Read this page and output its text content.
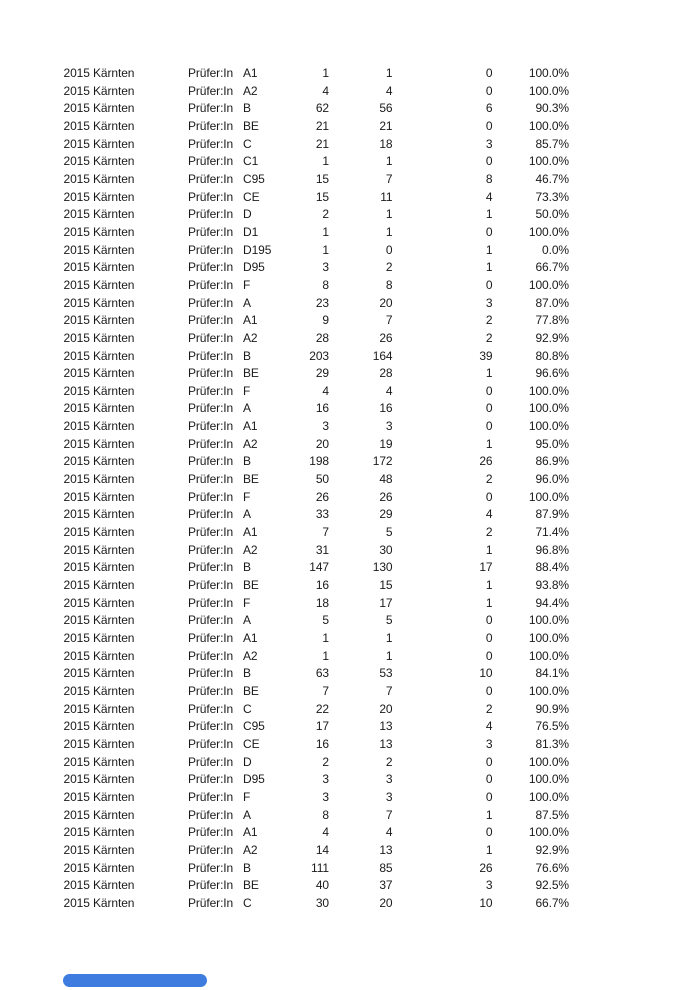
2015 Kärnten	Prüfer:In A1	1	1	0	100.0%
2015 Kärnten	Prüfer:In A2	4	4	0	100.0%
2015 Kärnten	Prüfer:In B	62	56	6	90.3%
2015 Kärnten	Prüfer:In BE	21	21	0	100.0%
2015 Kärnten	Prüfer:In C	21	18	3	85.7%
2015 Kärnten	Prüfer:In C1	1	1	0	100.0%
2015 Kärnten	Prüfer:In C95	15	7	8	46.7%
2015 Kärnten	Prüfer:In CE	15	11	4	73.3%
2015 Kärnten	Prüfer:In D	2	1	1	50.0%
2015 Kärnten	Prüfer:In D1	1	1	0	100.0%
2015 Kärnten	Prüfer:In D195	1	0	1	0.0%
2015 Kärnten	Prüfer:In D95	3	2	1	66.7%
2015 Kärnten	Prüfer:In F	8	8	0	100.0%
2015 Kärnten	Prüfer:In A	23	20	3	87.0%
2015 Kärnten	Prüfer:In A1	9	7	2	77.8%
2015 Kärnten	Prüfer:In A2	28	26	2	92.9%
2015 Kärnten	Prüfer:In B	203	164	39	80.8%
2015 Kärnten	Prüfer:In BE	29	28	1	96.6%
2015 Kärnten	Prüfer:In F	4	4	0	100.0%
2015 Kärnten	Prüfer:In A	16	16	0	100.0%
2015 Kärnten	Prüfer:In A1	3	3	0	100.0%
2015 Kärnten	Prüfer:In A2	20	19	1	95.0%
2015 Kärnten	Prüfer:In B	198	172	26	86.9%
2015 Kärnten	Prüfer:In BE	50	48	2	96.0%
2015 Kärnten	Prüfer:In F	26	26	0	100.0%
2015 Kärnten	Prüfer:In A	33	29	4	87.9%
2015 Kärnten	Prüfer:In A1	7	5	2	71.4%
2015 Kärnten	Prüfer:In A2	31	30	1	96.8%
2015 Kärnten	Prüfer:In B	147	130	17	88.4%
2015 Kärnten	Prüfer:In BE	16	15	1	93.8%
2015 Kärnten	Prüfer:In F	18	17	1	94.4%
2015 Kärnten	Prüfer:In A	5	5	0	100.0%
2015 Kärnten	Prüfer:In A1	1	1	0	100.0%
2015 Kärnten	Prüfer:In A2	1	1	0	100.0%
2015 Kärnten	Prüfer:In B	63	53	10	84.1%
2015 Kärnten	Prüfer:In BE	7	7	0	100.0%
2015 Kärnten	Prüfer:In C	22	20	2	90.9%
2015 Kärnten	Prüfer:In C95	17	13	4	76.5%
2015 Kärnten	Prüfer:In CE	16	13	3	81.3%
2015 Kärnten	Prüfer:In D	2	2	0	100.0%
2015 Kärnten	Prüfer:In D95	3	3	0	100.0%
2015 Kärnten	Prüfer:In F	3	3	0	100.0%
2015 Kärnten	Prüfer:In A	8	7	1	87.5%
2015 Kärnten	Prüfer:In A1	4	4	0	100.0%
2015 Kärnten	Prüfer:In A2	14	13	1	92.9%
2015 Kärnten	Prüfer:In B	111	85	26	76.6%
2015 Kärnten	Prüfer:In BE	40	37	3	92.5%
2015 Kärnten	Prüfer:In C	30	20	10	66.7%
